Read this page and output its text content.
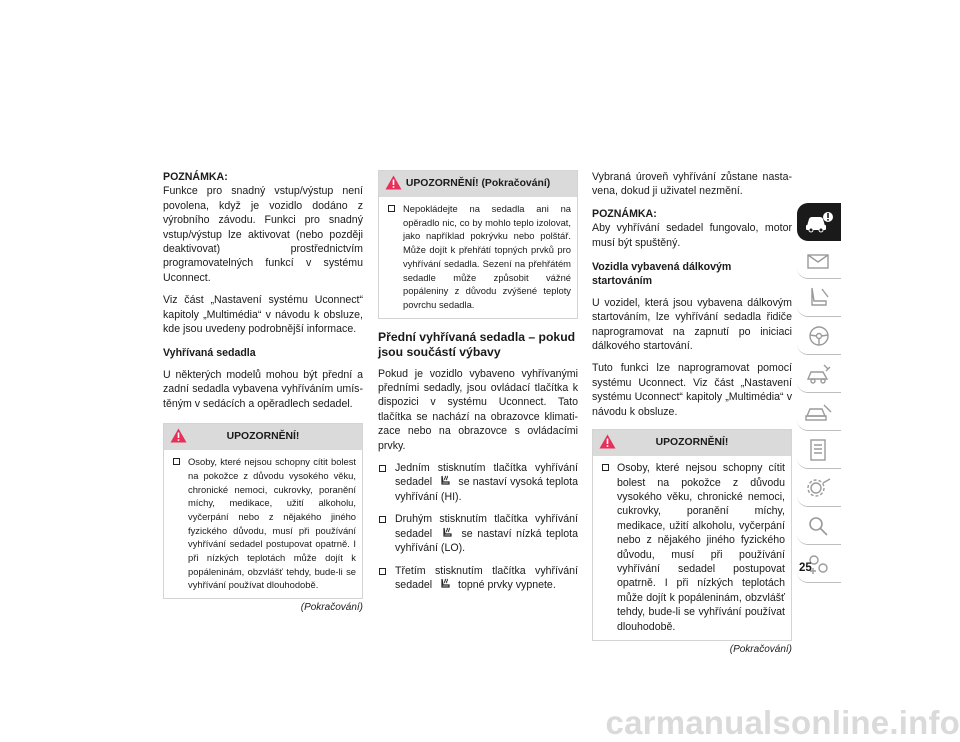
POZNÁMKA:

Funkce pro snadný vstup/výstup není povolena, když je vozidlo dodáno z výrobního závodu. Funkci pro snadný vstup/výstup lze aktivovat (nebo později deaktivovat) prostřednictvím programovatelných funkcí v systému Uconnect.

Viz část „Nastavení systému Uconnect“ kapitoly „Multimédia“ v návodu k obsluze, kde jsou uvedeny podrobnější informace.

Vyhřívaná sedadla

U některých modelů mohou být přední a zadní sedadla vybavena vyhříváním umístěným v sedácích a opěradlech sedadel.

UPOZORNĚNÍ!
Osoby, které nejsou schopny cítit bolest na pokožce z důvodu vysokého věku, chronické nemoci, cukrovky, poranění míchy, medikace, užití alkoholu, vyčerpání nebo z nějakého jiného fyzického důvodu, musí při používání vyhřívání sedadel postupovat opatrně. I při nízkých teplotách může dojít k popáleninám, obzvlášť tehdy, bude-li se vyhřívání používat dlouhodobě.
(Pokračování)
UPOZORNĚNÍ! (Pokračování)
Nepokládejte na sedadla ani na opěradlo nic, co by mohlo teplo izolovat, jako například pokrývku nebo polštář. Může dojít k přehřátí topných prvků pro vyhřívání sedadla. Sezení na přehřátém sedadle může způsobit vážné popáleniny z důvodu zvýšené teploty povrchu sedadla.

Přední vyhřívaná sedadla – pokud jsou součástí výbavy

Pokud je vozidlo vybaveno vyhřívanými předními sedadly, jsou ovládací tlačítka k dispozici v systému Uconnect. Tato tlačítka se nachází na obrazovce klimatizace nebo na obrazovce s ovládacími prvky.

Jedním stisknutím tlačítka vyhřívání sedadel se nastaví vysoká teplota vyhřívání (HI).
Druhým stisknutím tlačítka vyhřívání sedadel	se nastaví nízká teplota vyhřívání (LO).
Třetím stisknutím tlačítka vyhřívání sedadel topné prvky vypnete.

Vybraná úroveň vyhřívání zůstane nastavena, dokud ji uživatel nezmění.

POZNÁMKA:

Aby vyhřívání sedadel fungovalo, motor musí být spuštěný.

Vozidla vybavená dálkovým startováním

U vozidel, která jsou vybavena dálkovým startováním, lze vyhřívání sedadla řidiče naprogramovat na zapnutí po iniciaci dálkového startování.

Tuto funkci lze naprogramovat pomocí systému Uconnect. Viz část „Nastavení systému Uconnect“ kapitoly „Multimédia“ v návodu k obsluze.

UPOZORNĚNÍ!
Osoby, které nejsou schopny cítit bolest na pokožce z důvodu vysokého věku, chronické nemoci, cukrovky, poranění míchy, medikace, užití alkoholu, vyčerpání nebo z nějakého jiného fyzického důvodu, musí při používání vyhřívání sedadel postupovat opatrně. I při nízkých teplotách může dojít k popáleninám, obzvlášť tehdy, bude-li se vyhřívání používat dlouhodobě.
(Pokračování)
25
carmanualsonline.info
